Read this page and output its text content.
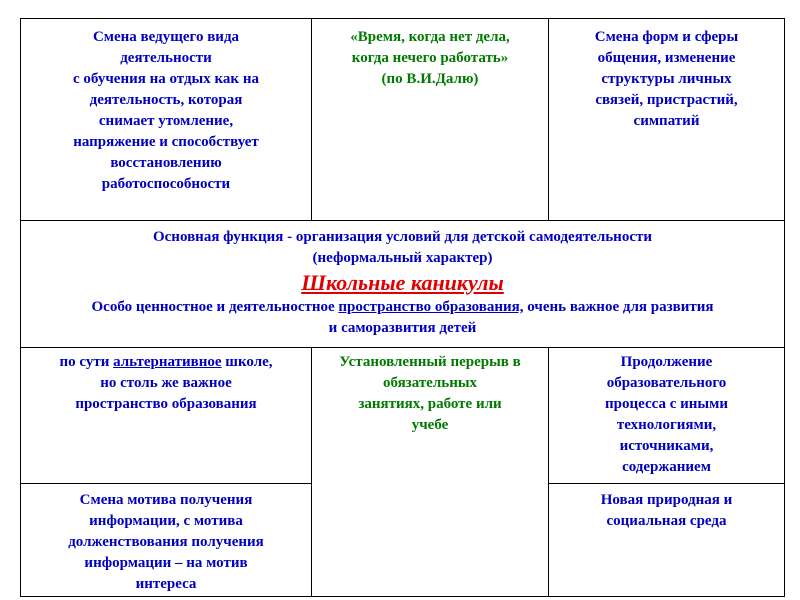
Смена ведущего вида

деятельности

с обучения на отдых как на

деятельность, которая

снимает утомление,

напряжение и способствует

восстановлению

работоспособности

«Время, когда нет дела,

когда нечего работать»

(по В.И.Далю)

Смена форм и сферы

общения, изменение

структуры личных

связей, пристрастий,

симпатий

Основная функция - организация условий для детской самодеятельности

(неформальный характер)

Школьные каникулы

Особо ценностное и деятельностное пространство образования, очень важное для развития

и саморазвития детей

по сути альтернативное школе,

но столь же важное

пространство образования

Установленный перерыв в

обязательных

занятиях, работе или

учебе

Продолжение

образовательного

процесса с иными

технологиями,

источниками,

содержанием

Смена мотива получения

информации, с мотива

долженствования получения

информации – на мотив

интереса

Новая природная и

социальная среда
